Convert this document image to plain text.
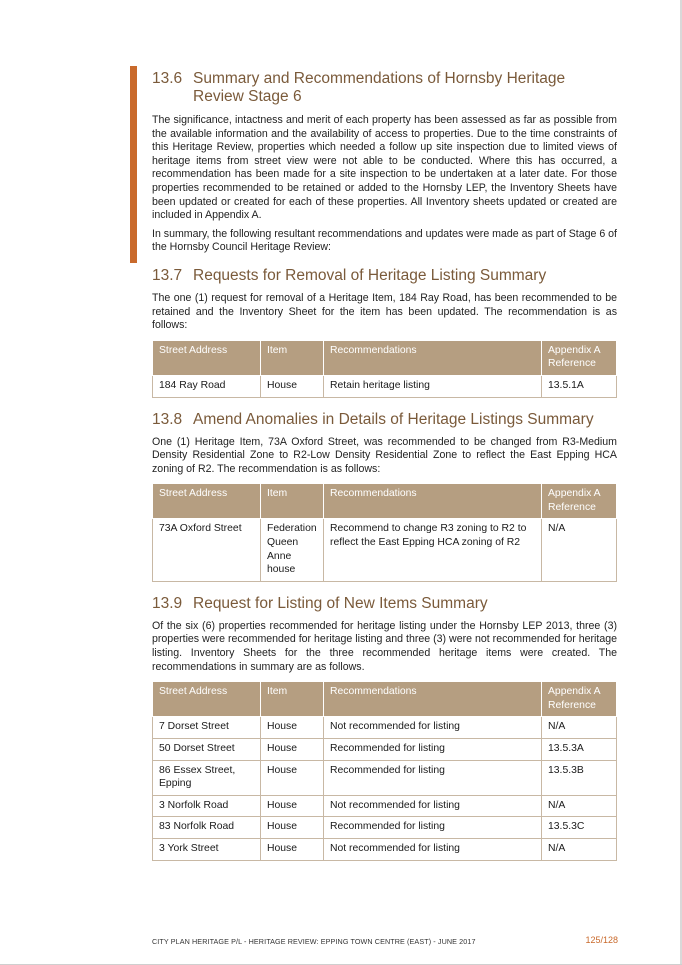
13.6 Summary and Recommendations of Hornsby Heritage Review Stage 6

The significance, intactness and merit of each property has been assessed as far as possible from the available information and the availability of access to properties. Due to the time constraints of this Heritage Review, properties which needed a follow up site inspection due to limited views of heritage items from street view were not able to be conducted. Where this has occurred, a recommendation has been made for a site inspection to be undertaken at a later date. For those properties recommended to be retained or added to the Hornsby LEP, the Inventory Sheets have been updated or created for each of these properties. All Inventory sheets updated or created are included in Appendix A.

In summary, the following resultant recommendations and updates were made as part of Stage 6 of the Hornsby Council Heritage Review:

13.7 Requests for Removal of Heritage Listing Summary

The one (1) request for removal of a Heritage Item, 184 Ray Road, has been recommended to be retained and the Inventory Sheet for the item has been updated. The recommendation is as follows:

Street Address	Item	Recommendations	Appendix A Reference
184 Ray Road	House	Retain heritage listing	13.5.1A
13.8 Amend Anomalies in Details of Heritage Listings Summary

One (1) Heritage Item, 73A Oxford Street, was recommended to be changed from R3-Medium Density Residential Zone to R2-Low Density Residential Zone to reflect the East Epping HCA zoning of R2. The recommendation is as follows:

Street Address	Item	Recommendations	Appendix A Reference
73A Oxford Street	Federation Queen Anne house	Recommend to change R3 zoning to R2 to reflect the East Epping HCA zoning of R2	N/A
13.9 Request for Listing of New Items Summary

Of the six (6) properties recommended for heritage listing under the Hornsby LEP 2013, three (3) properties were recommended for heritage listing and three (3) were not recommended for heritage listing. Inventory Sheets for the three recommended heritage items were created. The recommendations in summary are as follows.

Street Address	Item	Recommendations	Appendix A Reference
7 Dorset Street	House	Not recommended for listing	N/A
50 Dorset Street	House	Recommended for listing	13.5.3A
86 Essex Street, Epping	House	Recommended for listing	13.5.3B
3 Norfolk Road	House	Not recommended for listing	N/A
83 Norfolk Road	House	Recommended for listing	13.5.3C
3 York Street	House	Not recommended for listing	N/A
CITY PLAN HERITAGE P/L - HERITAGE REVIEW: EPPING TOWN CENTRE (EAST) - JUNE 2017	125/128
